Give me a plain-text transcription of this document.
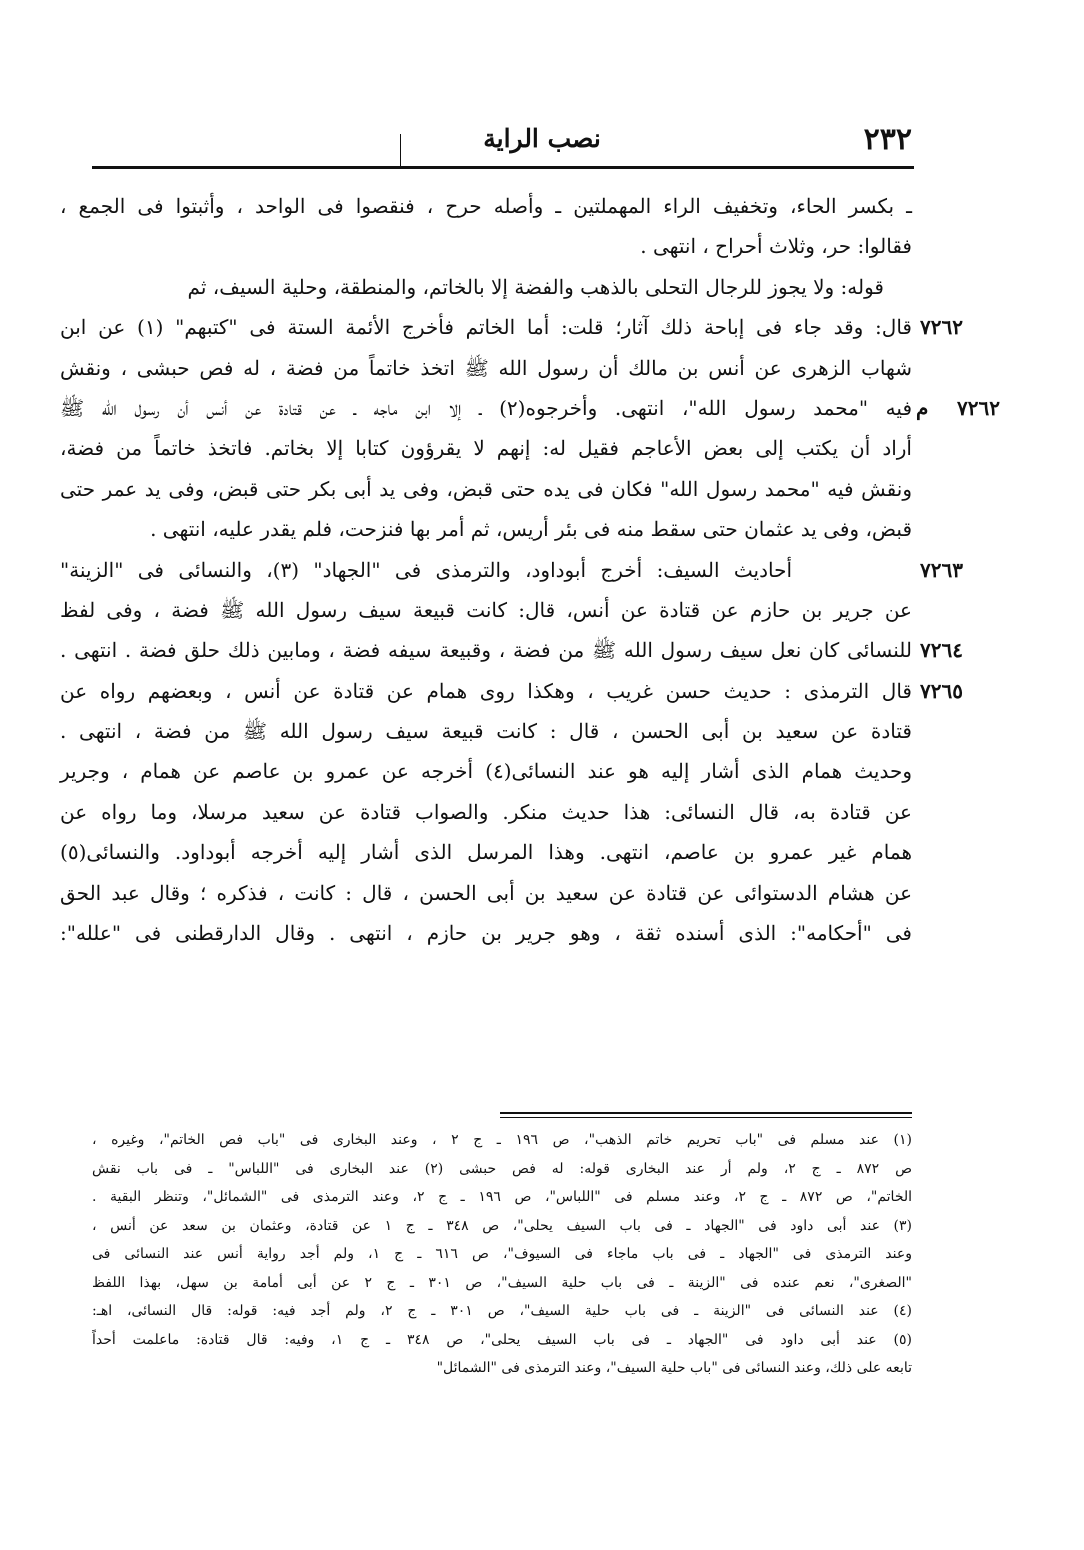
٢٣٢
نصب الراية
ـ بكسر الحاء، وتخفيف الراء المهملتين ـ وأصله حرح ، فنقصوا فى الواحد ، وأثبتوا فى الجمع ،
فقالوا: حر، وثلاث أحراح ، انتهى .
قوله: ولا يجوز للرجال التحلى بالذهب والفضة إلا بالخاتم، والمنطقة، وحلية السيف، ثم
قال: وقد جاء فى إباحة ذلك آثار؛ قلت: أما الخاتم فأخرج الأئمة الستة فى "كتبهم" (١) عن ابن ٧٢٦٢
شهاب الزهرى عن أنس بن مالك أن رسول الله ﷺ اتخذ خاتماً من فضة ، له فص حبشى ، ونقش
فيه "محمد رسول الله"، انتهى. وأخرجوه(٢) ـ إلا ابن ماجه ـ عن قتادة عن أنس أن رسول الله ﷺ ٧٢٦٢ م
أراد أن يكتب إلى بعض الأعاجم فقيل له: إنهم لا يقرؤون كتابا إلا بخاتم. فاتخذ خاتماً من فضة،
ونقش فيه "محمد رسول الله" فكان فى يده حتى قبض، وفى يد أبى بكر حتى قبض، وفى يد عمر حتى
قبض، وفى يد عثمان حتى سقط منه فى بئر أريس، ثم أمر بها فنزحت، فلم يقدر عليه، انتهى .
أحاديث السيف: أخرج أبوداود، والترمذى فى "الجهاد" (٣)، والنسائى فى "الزينة"	٧٢٦٣
عن جرير بن حازم عن قتادة عن أنس، قال: كانت قبيعة سيف رسول الله ﷺ فضة ، وفى لفظ
للنسائى كان نعل سيف رسول الله ﷺ من فضة ، وقبيعة سيفه فضة ، ومابين ذلك حلق فضة . انتهى . ٧٢٦٤
قال الترمذى : حديث حسن غريب ، وهكذا روى همام عن قتادة عن أنس ، وبعضهم رواه عن ٧٢٦٥
قتادة عن سعيد بن أبى الحسن ، قال : كانت قبيعة سيف رسول الله ﷺ من فضة ، انتهى .
وحديث همام الذى أشار إليه هو عند النسائى(٤) أخرجه عن عمرو بن عاصم عن همام ، وجرير
عن قتادة به، قال النسائى: هذا حديث منكر. والصواب قتادة عن سعيد مرسلا، وما رواه عن
همام غير عمرو بن عاصم، انتهى. وهذا المرسل الذى أشار إليه أخرجه أبوداود. والنسائى(٥)
عن هشام الدستوائى عن قتادة عن سعيد بن أبى الحسن ، قال : كانت ، فذكره ؛ وقال عبد الحق
فى "أحكامه": الذى أسنده ثقة ، وهو جرير بن حازم ، انتهى . وقال الدارقطنى فى "علله":
(١) عند مسلم فى "باب تحريم خاتم الذهب"، ص ١٩٦ ـ ج ٢ ، وعند البخارى فى "باب فص الخاتم"، وغيره ،
ص ٨٧٢ ـ ج ٢، ولم أر عند البخارى قوله: له فص حبشى (٢) عند البخارى فى "اللباس" ـ فى باب نقش
الخاتم"، ص ٨٧٢ ـ ج ٢، وعند مسلم فى "اللباس"، ص ١٩٦ ـ ج ٢، وعند الترمذى فى "الشمائل"، وتنظر البقية .
(٣) عند أبى داود فى "الجهاد ـ فى باب السيف يحلى"، ص ٣٤٨ ـ ج ١ عن قتادة، وعثمان بن سعد عن أنس ،
وعند الترمذى فى "الجهاد ـ فى باب ماجاء فى السيوف"، ص ٦١٦ ـ ج ١، ولم أجد رواية أنس عند النسائى فى
"الصغرى"، نعم عنده فى "الزينة ـ فى باب حلية السيف"، ص ٣٠١ ـ ج ٢ عن أبى أمامة بن سهل، بهذا اللفظ
(٤) عند النسائى فى "الزينة ـ فى باب حلية السيف"، ص ٣٠١ ـ ج ٢، ولم أجد فيه: قوله: قال النسائى، اهـ:
(٥) عند أبى داود فى "الجهاد ـ فى باب السيف يحلى"، ص ٣٤٨ ـ ج ١، وفيه: قال قتادة: ماعلمت أحداً
تابعه على ذلك، وعند النسائى فى "باب حلية السيف"، وعند الترمذى فى "الشمائل"
